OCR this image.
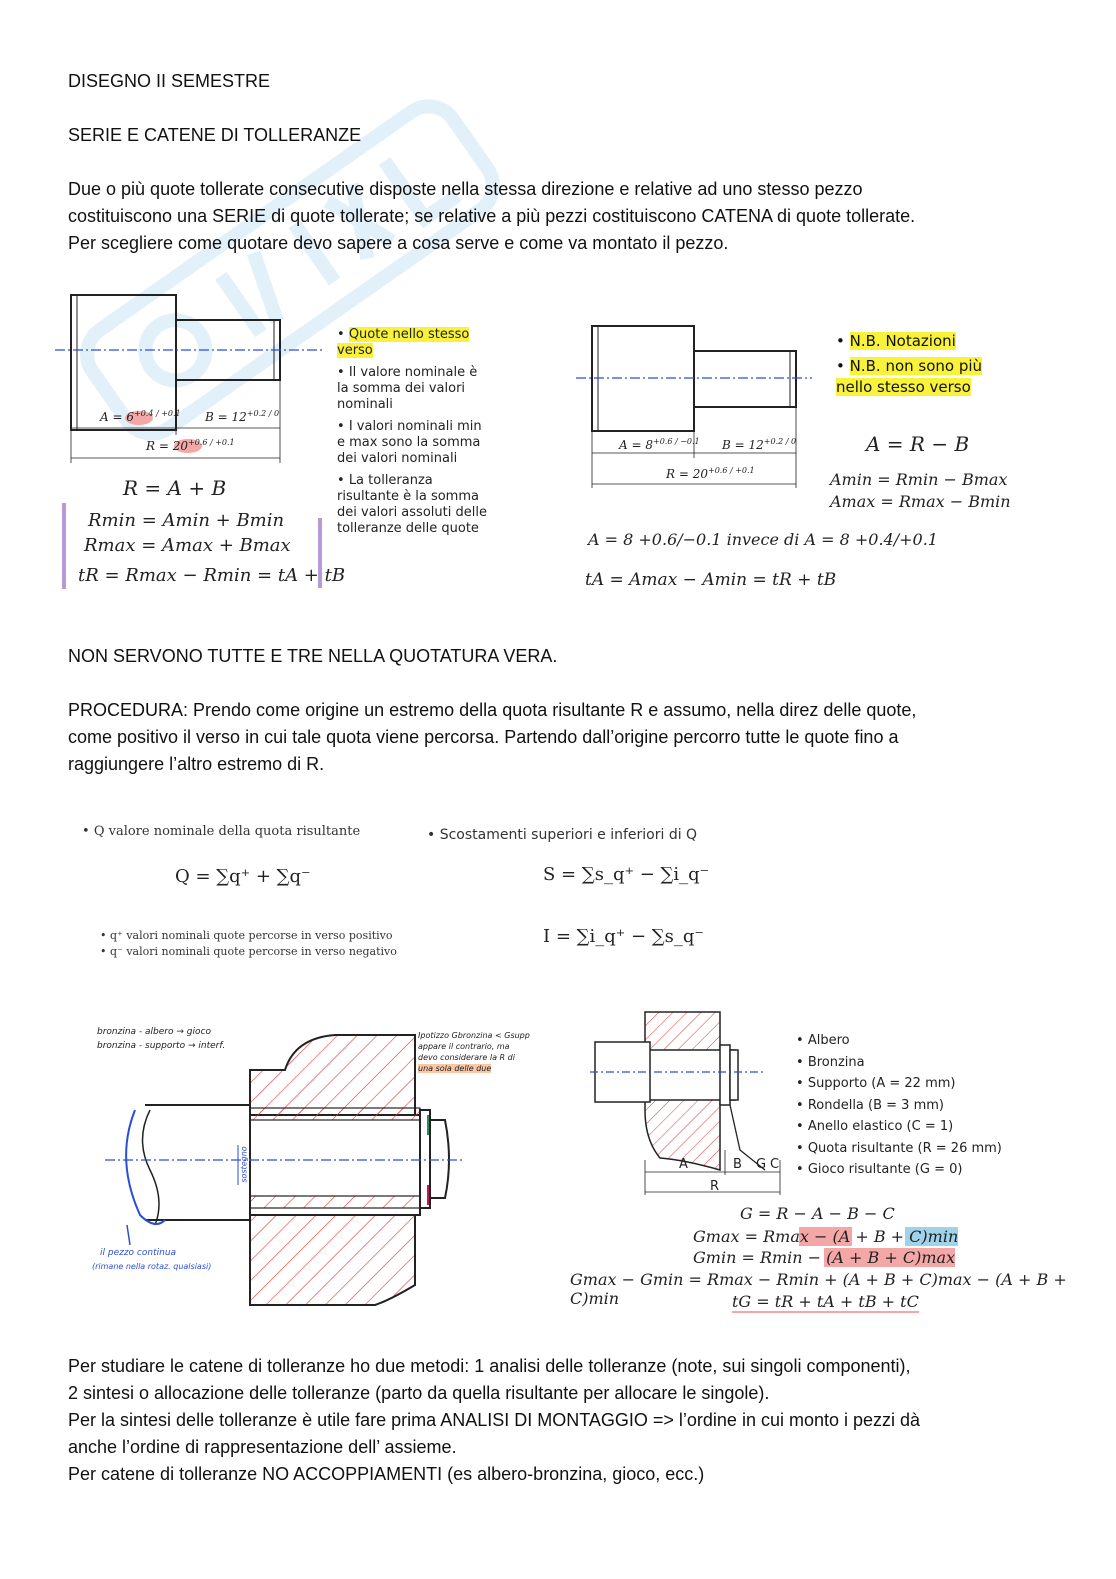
DISEGNO II SEMESTRE
SERIE E CATENE DI TOLLERANZE
Due o più quote tollerate consecutive disposte nella stessa direzione e relative ad uno stesso pezzo
costituiscono una SERIE di quote tollerate; se relative a più pezzi costituiscono CATENA di quote tollerate.
Per scegliere come quotare devo sapere a cosa serve e come va montato il pezzo.
$A = 6^{+0.4 / +0.1}$ $B = 12^{+0.2 / 0}$
$R = 20^{+0.6 / +0.1}$
• Quote nello stesso verso
• Il valore nominale è la somma dei valori nominali
• I valori nominali min e max sono la somma dei valori nominali
• La tolleranza risultante è la somma dei valori assoluti delle tolleranze delle quote
R = A + B
Rmin = Amin + Bmin
Rmax = Amax + Bmax
tR = Rmax − Rmin = tA + tB
$A = 8^{+0.6 / -0.1}$ $B = 12^{+0.2 / 0}$
$R = 20^{+0.6 / +0.1}$
• N.B. Notazioni
• N.B. non sono più nello stesso verso
A = R − B
Amin = Rmin − Bmax
Amax = Rmax − Bmin
A = 8 +0.6/−0.1 invece di A = 8 +0.4/+0.1
tA = Amax − Amin = tR + tB
NON SERVONO TUTTE E TRE NELLA QUOTATURA VERA.
PROCEDURA: Prendo come origine un estremo della quota risultante R e assumo, nella direz delle quote,
come positivo il verso in cui tale quota viene percorsa. Partendo dall’origine percorro tutte le quote fino a
raggiungere l’altro estremo di R.
• Q valore nominale della quota risultante
Q = ∑q⁺ + ∑q⁻
• q⁺ valori nominali quote percorse in verso positivo
• q⁻ valori nominali quote percorse in verso negativo
• Scostamenti superiori e inferiori di Q
S = ∑s_q⁺ − ∑i_q⁻
I = ∑i_q⁺ − ∑s_q⁻
bronzina - albero → gioco
bronzina - supporto → interf.
Ipotizzo Gbronzina < Gsupp
appare il contrario, ma
devo considerare la R di
una sola delle due
il pezzo continua
(rimane nella rotaz. qualsiasi)
sostegno	A	B G C
R
• Albero
• Bronzina
• Supporto (A = 22 mm)
• Rondella (B = 3 mm)
• Anello elastico (C = 1)
• Quota risultante (R = 26 mm)
• Gioco risultante (G = 0)
G = R − A − B − C
Gmax = Rmax − (A + B + C)min
Gmin = Rmin − (A + B + C)max
Gmax − Gmin = Rmax − Rmin + (A + B + C)max − (A + B + C)min	tG = tR + tA + tB + tC
Per studiare le catene di tolleranze ho due metodi: 1 analisi delle tolleranze (note, sui singoli componenti),
2 sintesi o allocazione delle tolleranze (parto da quella risultante per allocare le singole).
Per la sintesi delle tolleranze è utile fare prima ANALISI DI MONTAGGIO => l’ordine in cui monto i pezzi dà
anche l’ordine di rappresentazione dell’ assieme.
Per catene di tolleranze NO ACCOPPIAMENTI (es albero-bronzina, gioco, ecc.)
